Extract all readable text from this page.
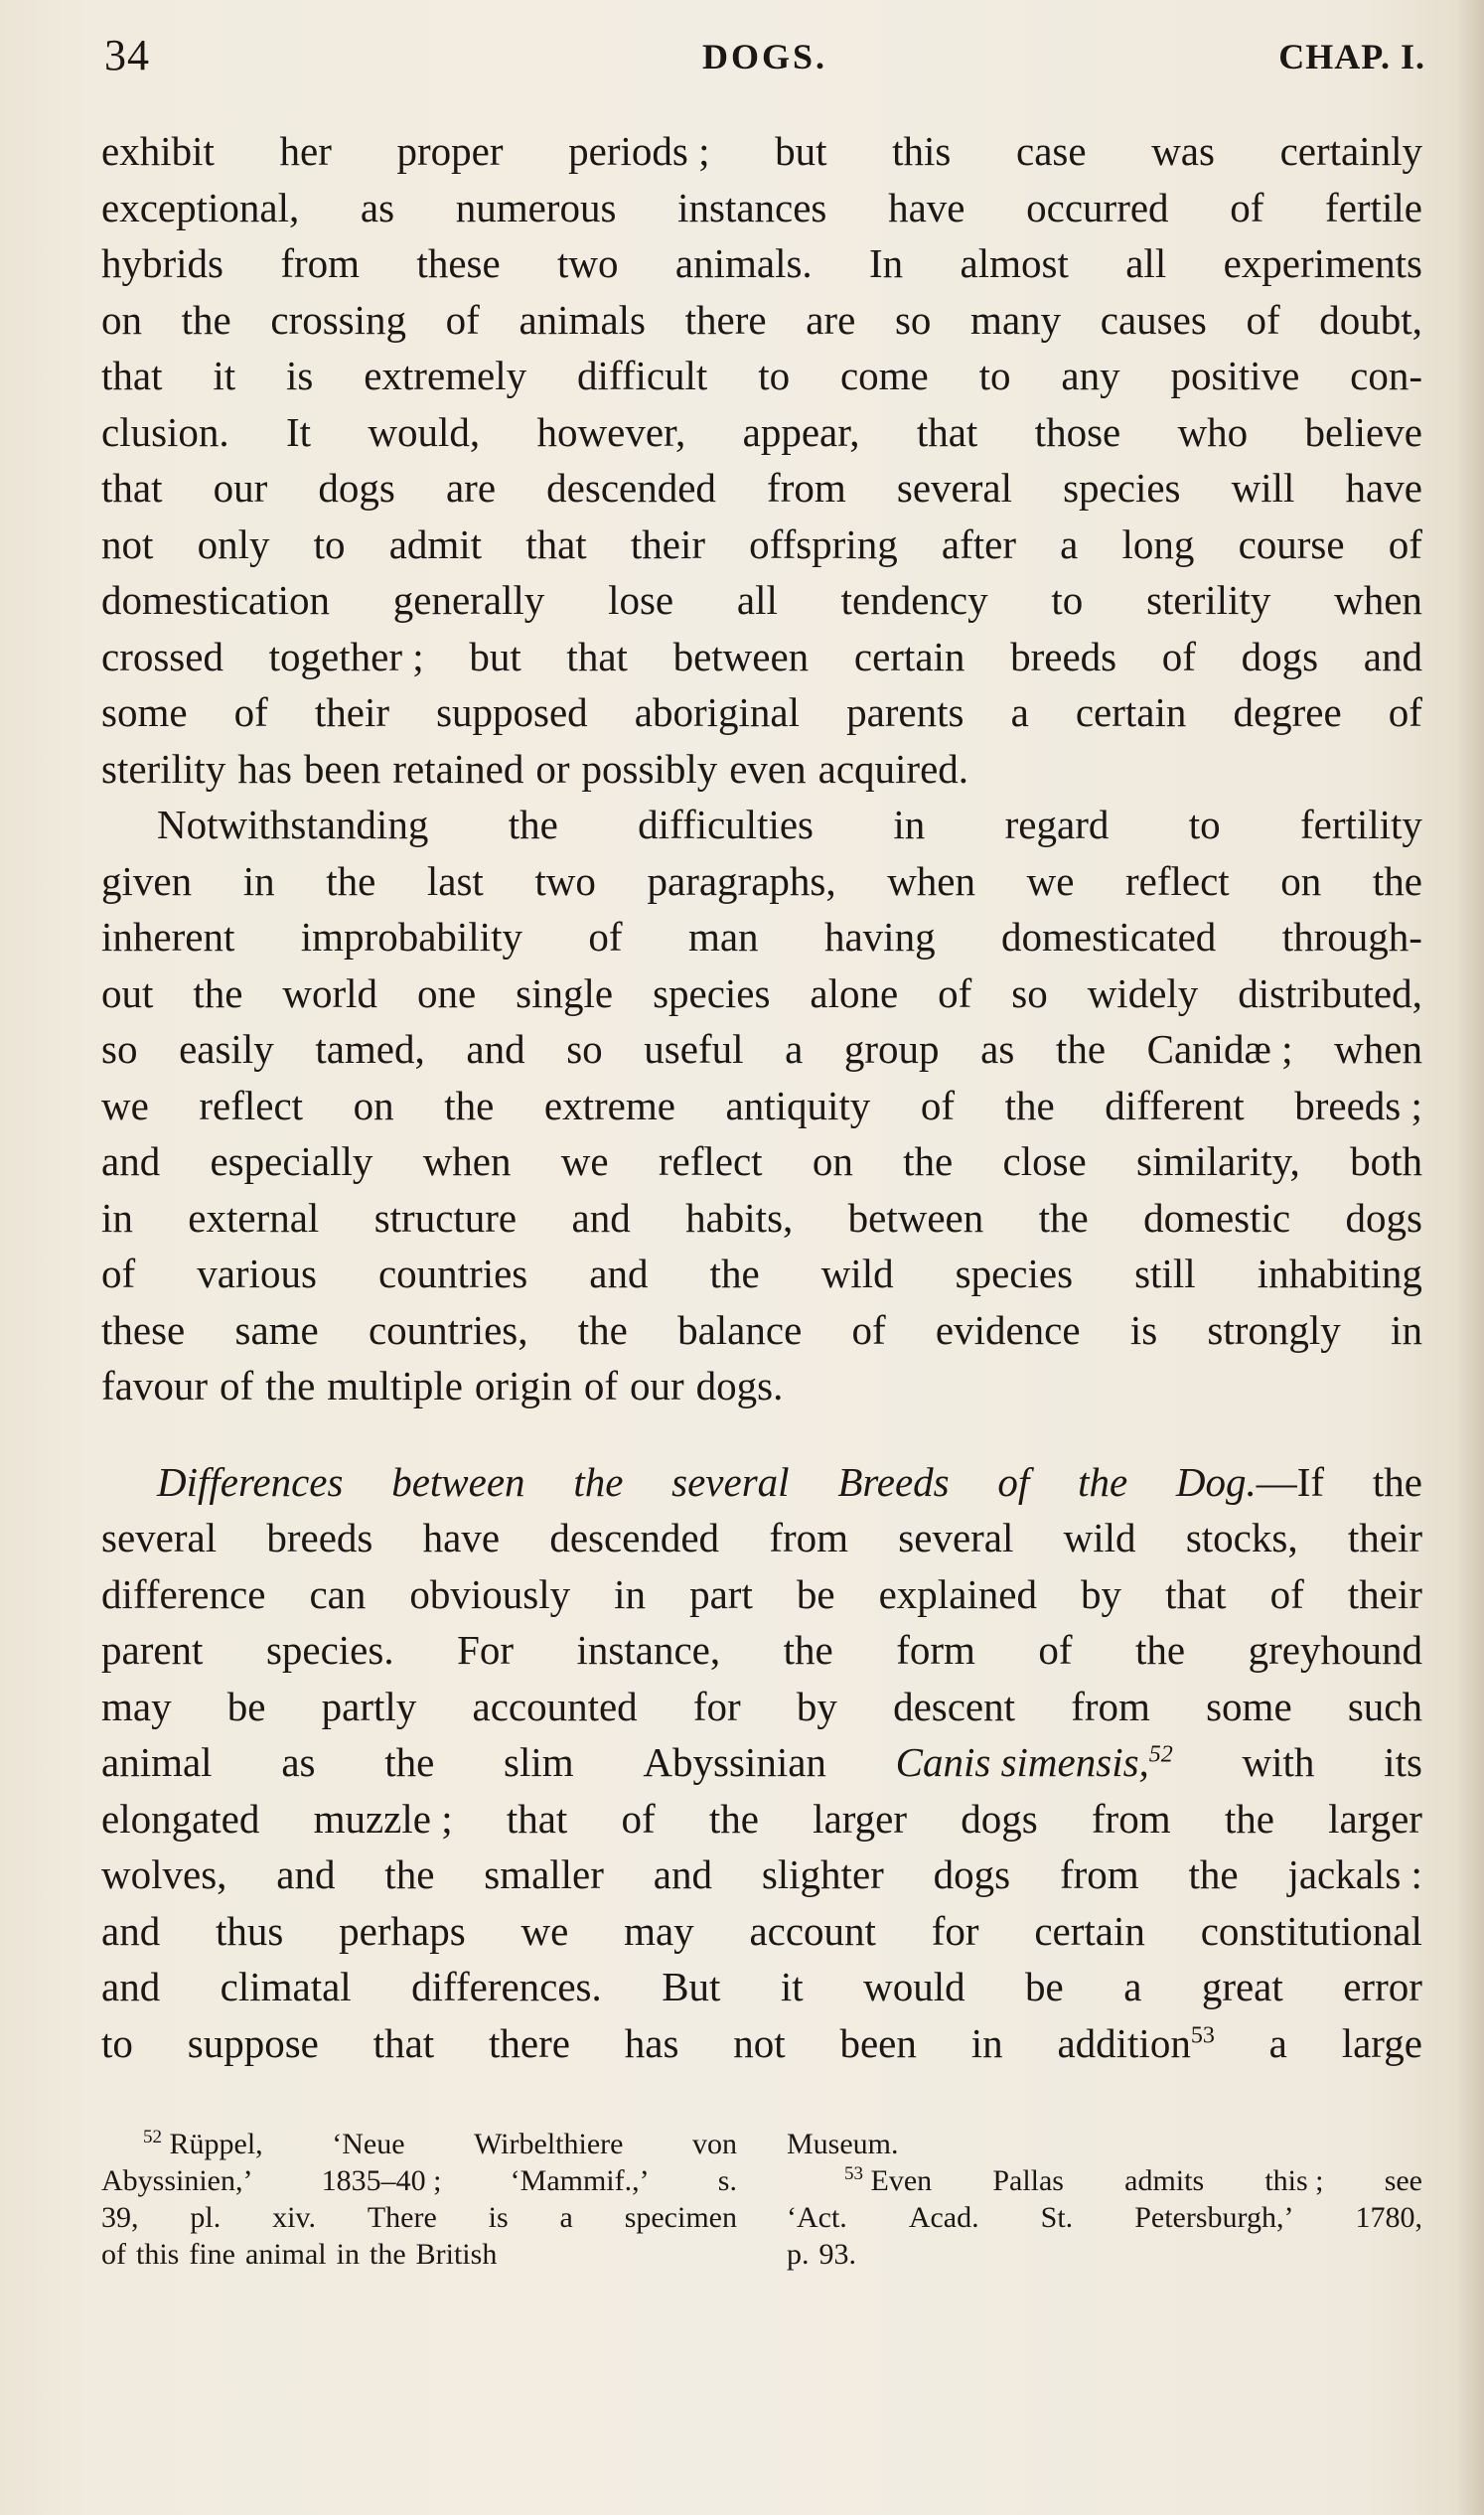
34	DOGS.	CHAP. I.
exhibit her proper periods ; but this case was certainly
exceptional, as numerous instances have occurred of fertile
hybrids from these two animals. In almost all experiments
on the crossing of animals there are so many causes of doubt,
that it is extremely difficult to come to any positive con-
clusion. It would, however, appear, that those who believe
that our dogs are descended from several species will have
not only to admit that their offspring after a long course of
domestication generally lose all tendency to sterility when
crossed together ; but that between certain breeds of dogs and
some of their supposed aboriginal parents a certain degree of
sterility has been retained or possibly even acquired.
Notwithstanding the difficulties in regard to fertility
given in the last two paragraphs, when we reflect on the
inherent improbability of man having domesticated through-
out the world one single species alone of so widely distributed,
so easily tamed, and so useful a group as the Canidæ ; when
we reflect on the extreme antiquity of the different breeds ;
and especially when we reflect on the close similarity, both
in external structure and habits, between the domestic dogs
of various countries and the wild species still inhabiting
these same countries, the balance of evidence is strongly in
favour of the multiple origin of our dogs.
Differences between the several Breeds of the Dog.—If the
several breeds have descended from several wild stocks, their
difference can obviously in part be explained by that of their
parent species. For instance, the form of the greyhound
may be partly accounted for by descent from some such
animal as the slim Abyssinian Canis simensis,$^{52}$ with its
elongated muzzle ; that of the larger dogs from the larger
wolves, and the smaller and slighter dogs from the jackals :
and thus perhaps we may account for certain constitutional
and climatal differences. But it would be a great error
to suppose that there has not been in addition$^{53}$ a large
$^{52}$ Rüppel, ‘Neue Wirbelthiere von
Abyssinien,’ 1835–40 ; ‘Mammif.,’ s.
39, pl. xiv. There is a specimen
of this fine animal in the British
Museum.
$^{53}$ Even Pallas admits this ; see
‘Act. Acad. St. Petersburgh,’ 1780,
p. 93.
